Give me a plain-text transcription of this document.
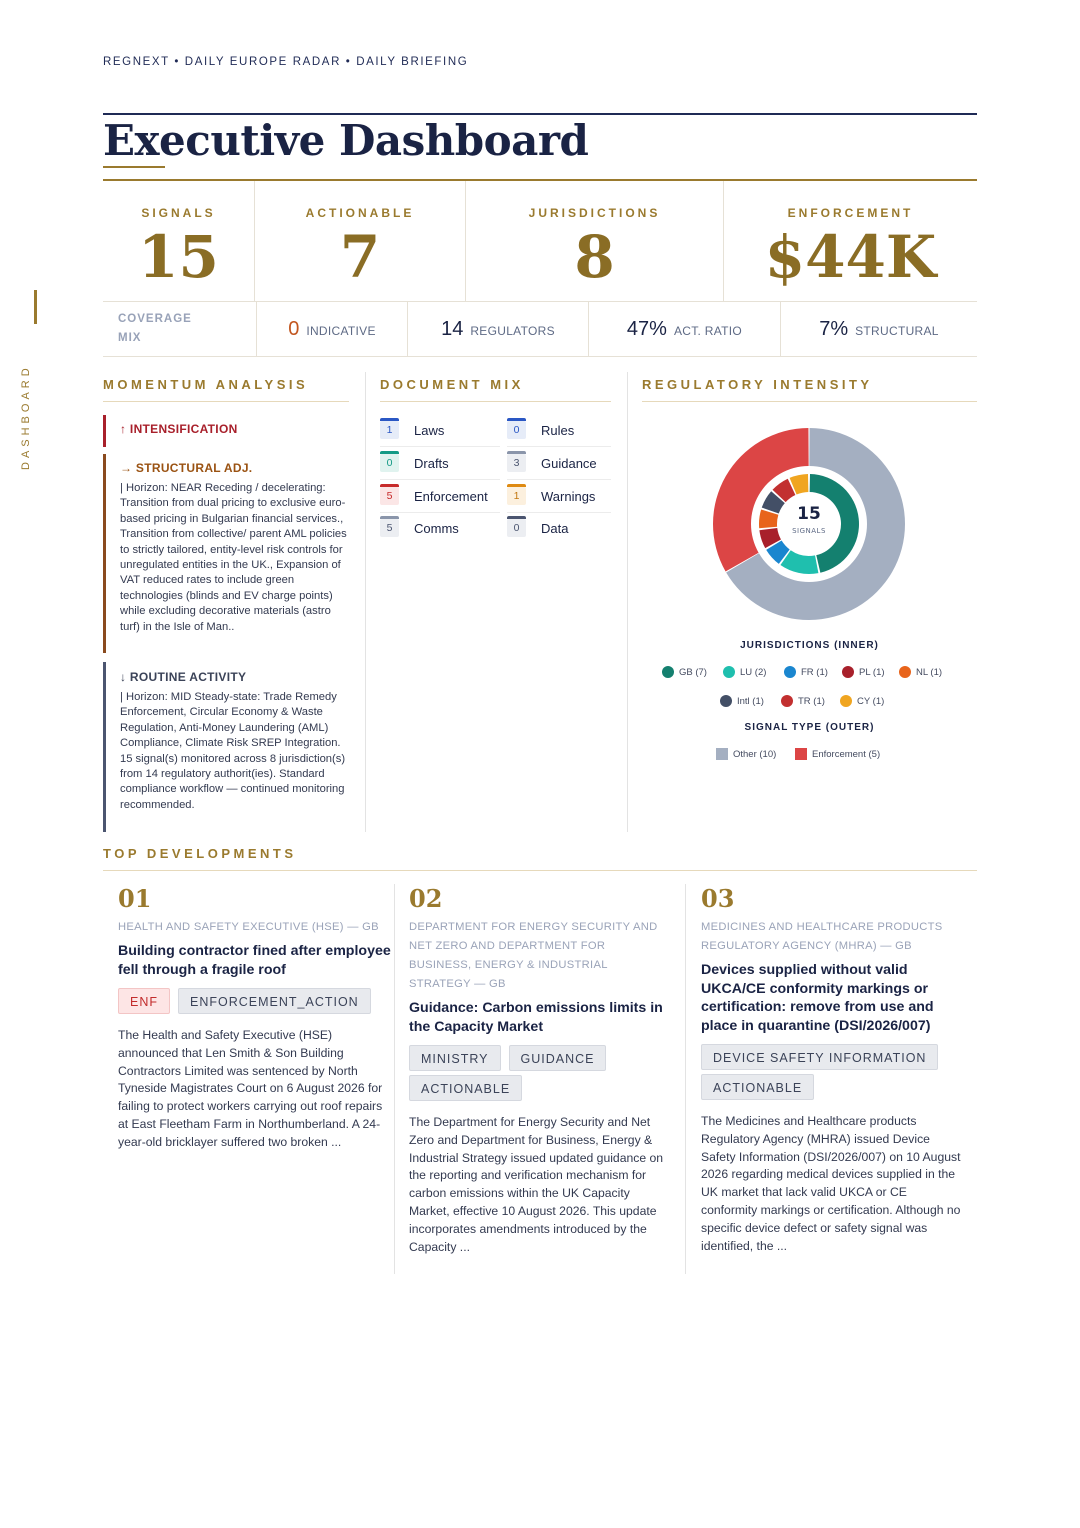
DASHBOARD
REGNEXT • DAILY EUROPE RADAR • DAILY BRIEFING
Executive Dashboard
SIGNALS
15
ACTIONABLE
7
JURISDICTIONS
8
ENFORCEMENT
$44K
COVERAGE MIX	0 INDICATIVE	14 REGULATORS	47% ACT. RATIO	7% STRUCTURAL
MOMENTUM ANALYSIS
↑ INTENSIFICATION
→ STRUCTURAL ADJ.
| Horizon: NEAR Receding / decelerating: Transition from dual pricing to exclusive euro-based pricing in Bulgarian financial services., Transition from collective/ parent AML policies to strictly tailored, entity-level risk controls for unregulated entities in the UK., Expansion of VAT reduced rates to include green technologies (blinds and EV charge points) while excluding decorative materials (astro turf) in the Isle of Man..
↓ ROUTINE ACTIVITY
| Horizon: MID Steady-state: Trade Remedy Enforcement, Circular Economy & Waste Regulation, Anti-Money Laundering (AML) Compliance, Climate Risk SREP Integration. 15 signal(s) monitored across 8 jurisdiction(s) from 14 regulatory authorit(ies). Standard compliance workflow — continued monitoring recommended.
DOCUMENT MIX
1	Laws	0	Rules
0	Drafts	3	Guidance
5	Enforcement	1	Warnings
5	Comms	0	Data
REGULATORY INTENSITY
15
SIGNALS
JURISDICTIONS (INNER)
GB (7)	LU (2)	FR (1)	PL (1)	NL (1)
Intl (1)	TR (1)	CY (1)
SIGNAL TYPE (OUTER)
Other (10)	Enforcement (5)
TOP DEVELOPMENTS
01
HEALTH AND SAFETY EXECUTIVE (HSE) — GB
Building contractor fined after employee fell through a fragile roof
ENF	ENFORCEMENT_ACTION
The Health and Safety Executive (HSE) announced that Len Smith & Son Building Contractors Limited was sentenced by North Tyneside Magistrates Court on 6 August 2026 for failing to protect workers carrying out roof repairs at East Fleetham Farm in Northumberland. A 24-year-old bricklayer suffered two broken ...
02
DEPARTMENT FOR ENERGY SECURITY AND NET ZERO AND DEPARTMENT FOR BUSINESS, ENERGY & INDUSTRIAL STRATEGY — GB
Guidance: Carbon emissions limits in the Capacity Market
MINISTRY	GUIDANCE
ACTIONABLE
The Department for Energy Security and Net Zero and Department for Business, Energy & Industrial Strategy issued updated guidance on the reporting and verification mechanism for carbon emissions within the UK Capacity Market, effective 10 August 2026. This update incorporates amendments introduced by the Capacity ...
03
MEDICINES AND HEALTHCARE PRODUCTS REGULATORY AGENCY (MHRA) — GB
Devices supplied without valid UKCA/CE conformity markings or certification: remove from use and place in quarantine (DSI/2026/007)
DEVICE SAFETY INFORMATION
ACTIONABLE
The Medicines and Healthcare products Regulatory Agency (MHRA) issued Device Safety Information (DSI/2026/007) on 10 August 2026 regarding medical devices supplied in the UK market that lack valid UKCA or CE conformity markings or certification. Although no specific device defect or safety signal was identified, the ...
